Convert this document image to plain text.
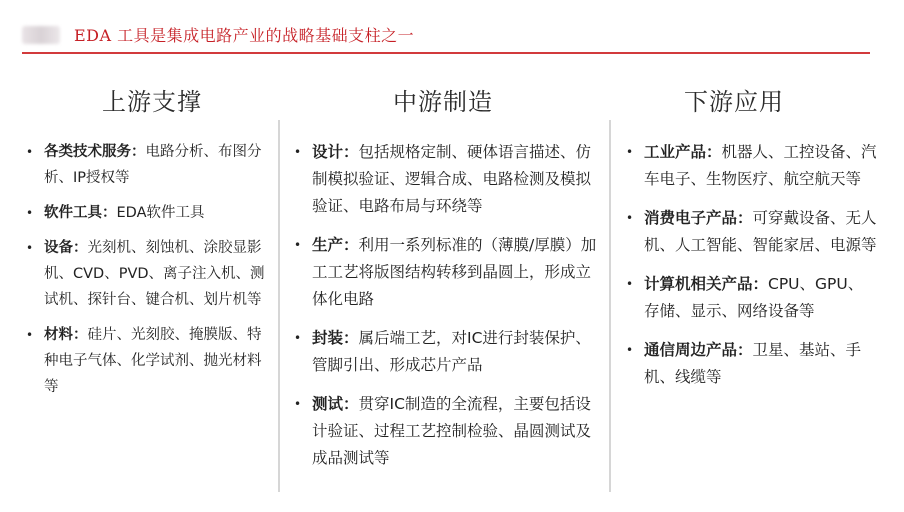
EDA 工具是集成电路产业的战略基础支柱之一
上游支撑
• 各类技术服务：电路分析、布图分析、IP授权等
• 软件工具：EDA软件工具
• 设备：光刻机、刻蚀机、涂胶显影机、CVD、PVD、离子注入机、测试机、探针台、键合机、划片机等
• 材料：硅片、光刻胶、掩膜版、特种电子气体、化学试剂、抛光材料等
中游制造
• 设计：包括规格定制、硬体语言描述、仿制模拟验证、逻辑合成、电路检测及模拟验证、电路布局与环绕等
• 生产：利用一系列标准的（薄膜/厚膜）加工工艺将版图结构转移到晶圆上，形成立体化电路
• 封装：属后端工艺，对IC进行封装保护、管脚引出、形成芯片产品
• 测试：贯穿IC制造的全流程，主要包括设计验证、过程工艺控制检验、晶圆测试及成品测试等
下游应用
• 工业产品：机器人、工控设备、汽车电子、生物医疗、航空航天等
• 消费电子产品：可穿戴设备、无人机、人工智能、智能家居、电源等
• 计算机相关产品：CPU、GPU、存储、显示、网络设备等
• 通信周边产品：卫星、基站、手机、线缆等
